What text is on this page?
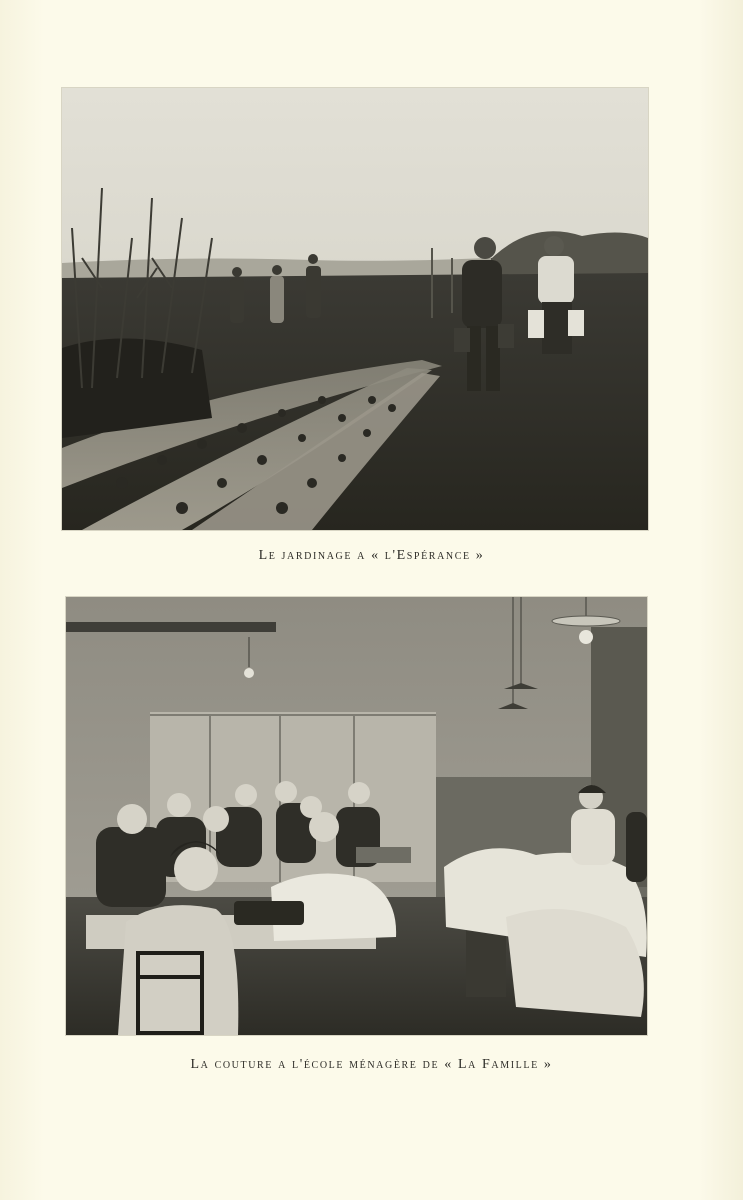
Le jardinage a « l'Espérance »
La couture a l'école ménagère de « La Famille »
